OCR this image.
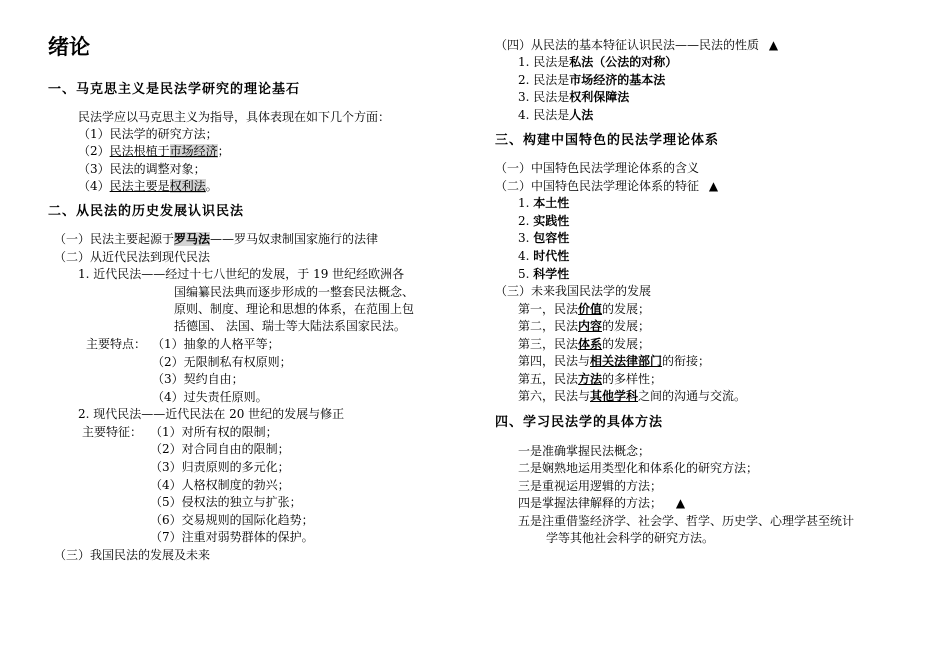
绪论
一、马克思主义是民法学研究的理论基石
民法学应以马克思主义为指导，具体表现在如下几个方面：
（1）民法学的研究方法；
（2）民法根植于市场经济；
（3）民法的调整对象；
（4）民法主要是权利法。
二、从民法的历史发展认识民法
（一）民法主要起源于罗马法——罗马奴隶制国家施行的法律
（二）从近代民法到现代民法
1. 近代民法——经过十七八世纪的发展，于 19 世纪经欧洲各
国编纂民法典而逐步形成的一整套民法概念、
原则、制度、理论和思想的体系，在范围上包
括德国、 法国、瑞士等大陆法系国家民法。
主要特点： （1）抽象的人格平等；
（2）无限制私有权原则；
（3）契约自由；
（4）过失责任原则。
2. 现代民法——近代民法在 20 世纪的发展与修正
主要特征： （1）对所有权的限制；
（2）对合同自由的限制；
（3）归责原则的多元化；
（4）人格权制度的勃兴；
（5）侵权法的独立与扩张；
（6）交易规则的国际化趋势；
（7）注重对弱势群体的保护。
（三）我国民法的发展及未来
（四）从民法的基本特征认识民法——民法的性质 ▲
1. 民法是私法（公法的对称）
2. 民法是市场经济的基本法
3. 民法是权利保障法
4. 民法是人法
三、构建中国特色的民法学理论体系
（一）中国特色民法学理论体系的含义
（二）中国特色民法学理论体系的特征 ▲
1. 本土性
2. 实践性
3. 包容性
4. 时代性
5. 科学性
（三）未来我国民法学的发展
第一，民法价值的发展；
第二，民法内容的发展；
第三，民法体系的发展；
第四，民法与相关法律部门的衔接；
第五，民法方法的多样性；
第六，民法与其他学科之间的沟通与交流。
四、学习民法学的具体方法
一是准确掌握民法概念；
二是娴熟地运用类型化和体系化的研究方法；
三是重视运用逻辑的方法；
四是掌握法律解释的方法； ▲
五是注重借鉴经济学、社会学、哲学、历史学、心理学甚至统计
学等其他社会科学的研究方法。
